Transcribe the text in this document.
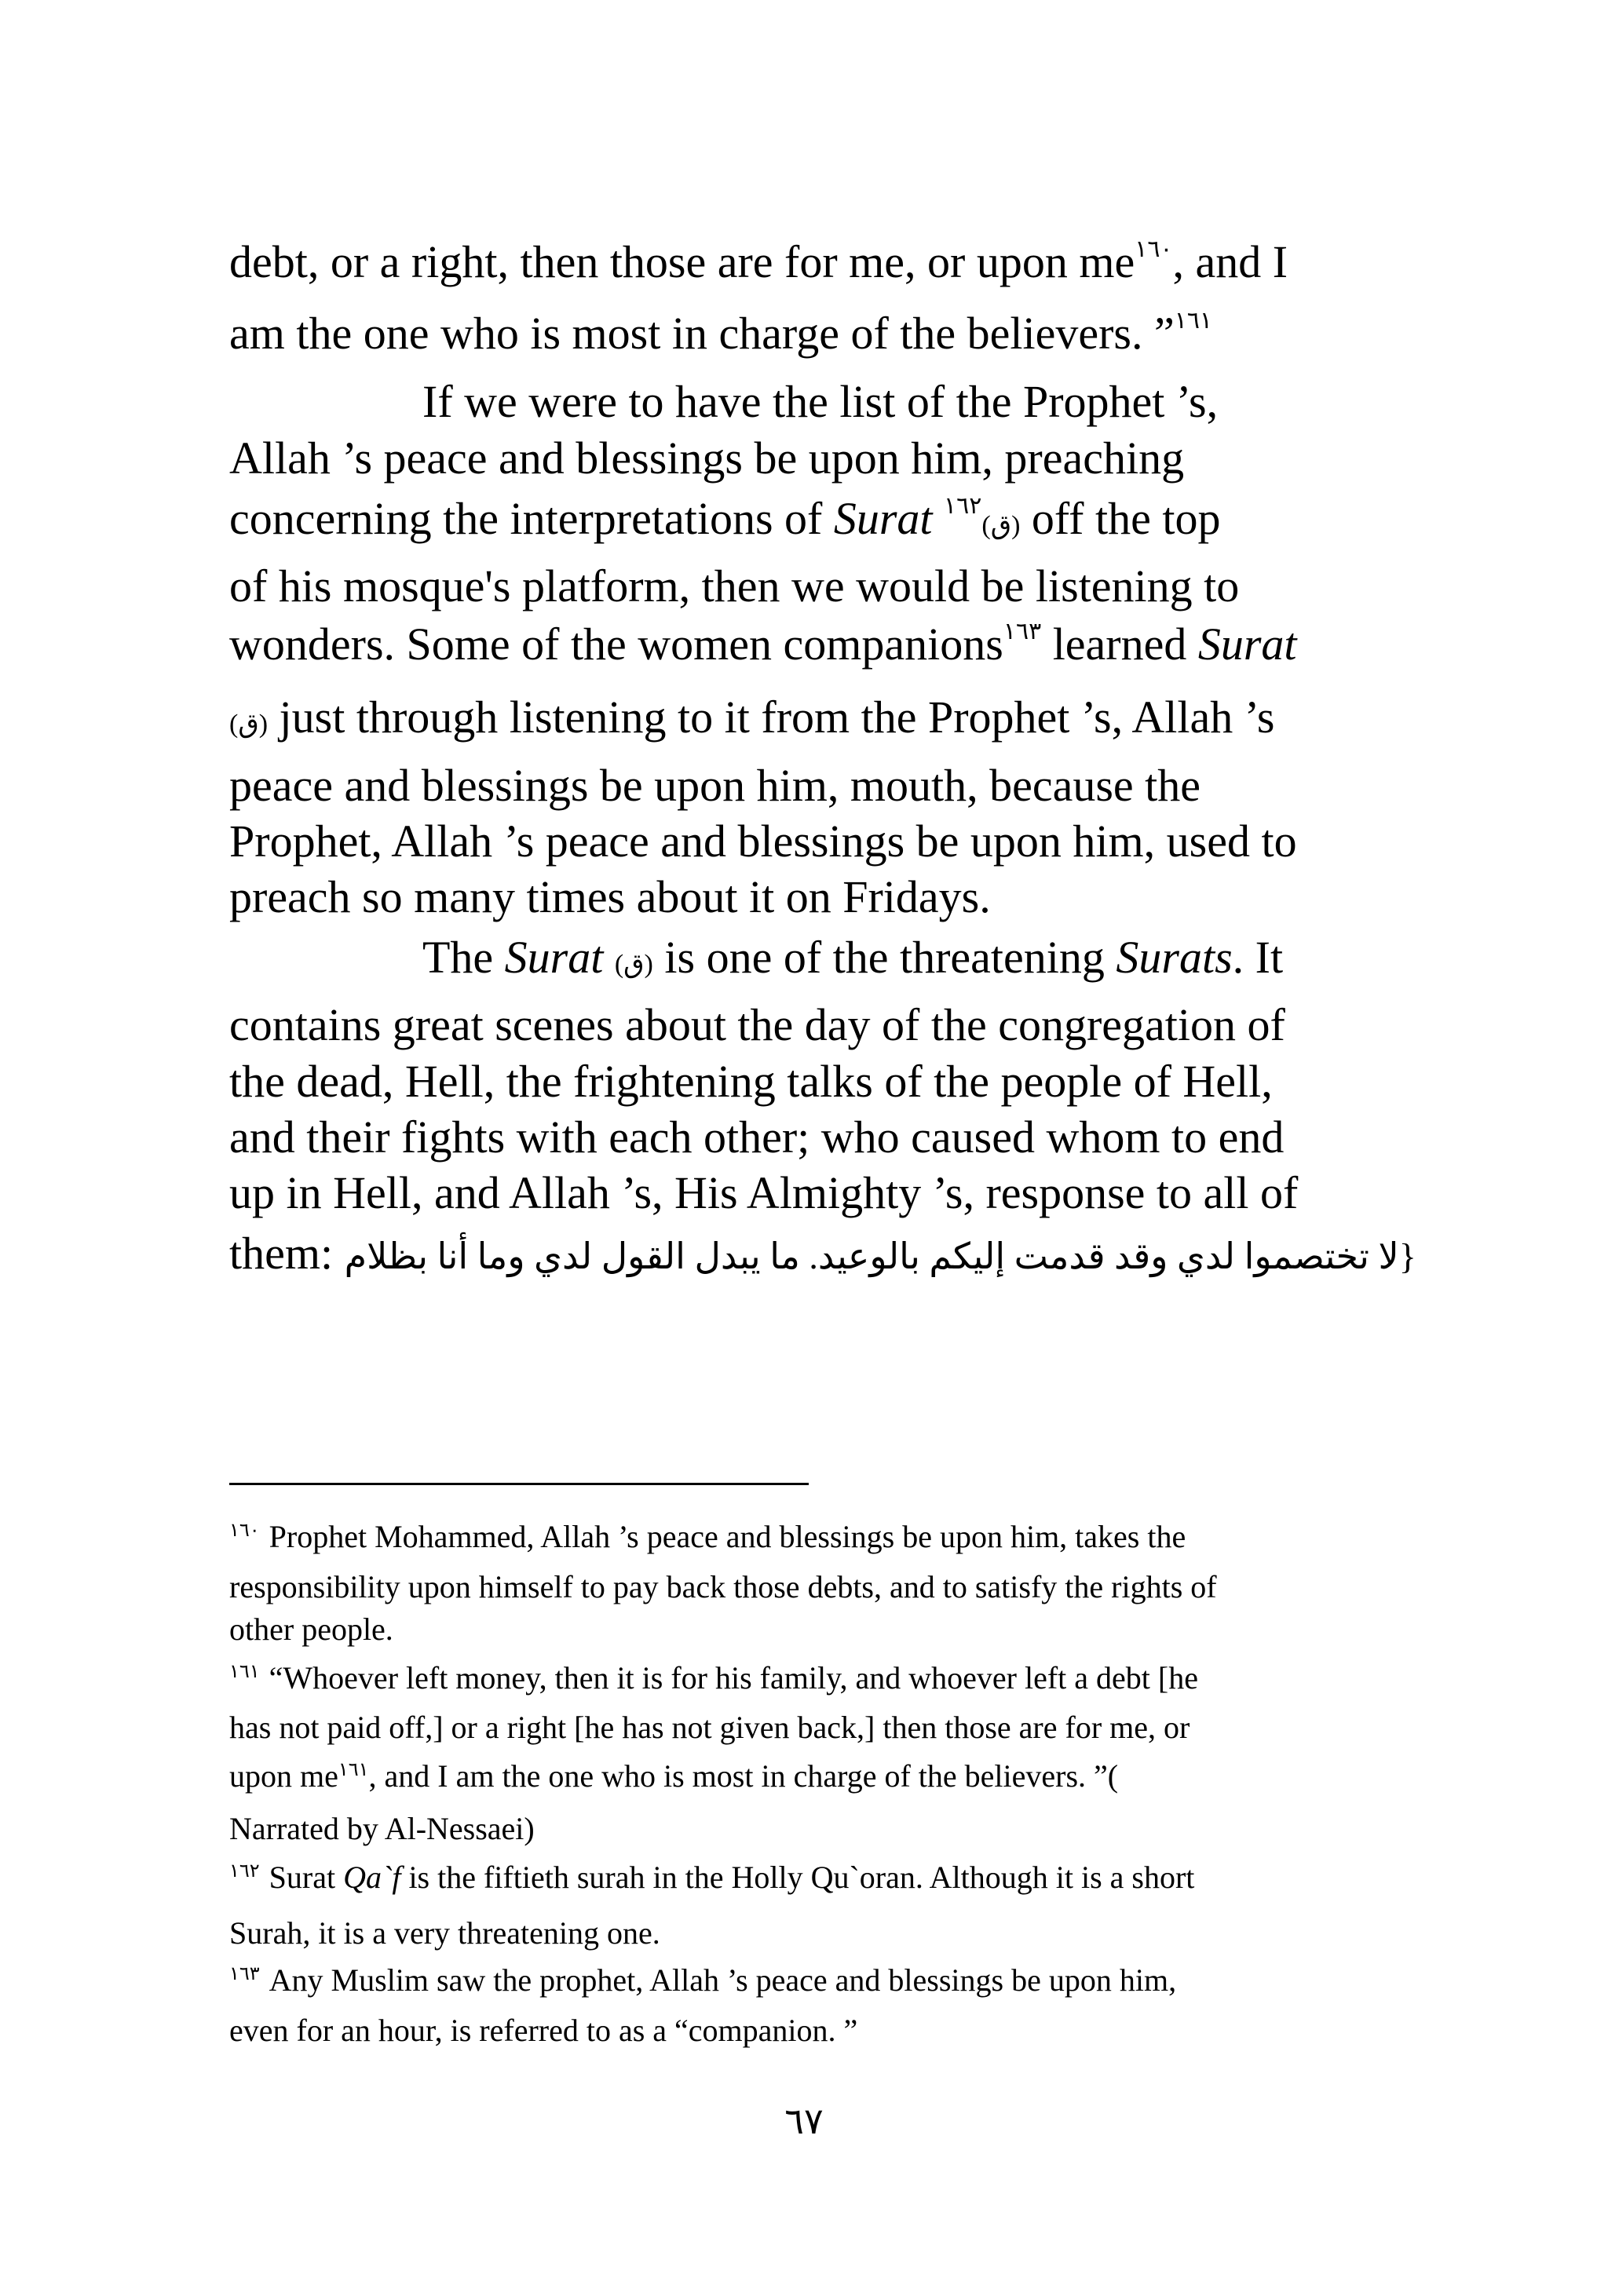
debt, or a right, then those are for me, or upon me$^{١٦٠}$, and I
am the one who is most in charge of the believers. ”$^{١٦١}$
If we were to have the list of the Prophet ’s,
Allah ’s peace and blessings be upon him, preaching
concerning the interpretations of Surat $^{١٦٢}$(ق) off the top
of his mosque's platform, then we would be listening to
wonders. Some of the women companions$^{١٦٣}$ learned Surat
(ق) just through listening to it from the Prophet ’s, Allah ’s
peace and blessings be upon him, mouth, because the
Prophet, Allah ’s peace and blessings be upon him, used to
preach so many times about it on Fridays.
The Surat (ق) is one of the threatening Surats. It
contains great scenes about the day of the congregation of
the dead, Hell, the frightening talks of the people of Hell,
and their fights with each other; who caused whom to end
up in Hell, and Allah ’s, His Almighty ’s, response to all of
them: {لا تختصموا لدي وقد قدمت إليكم بالوعيد. ما يبدل القول لدي وما أنا بظلام
$^{١٦٠}$ Prophet Mohammed, Allah ’s peace and blessings be upon him, takes the
responsibility upon himself to pay back those debts, and to satisfy the rights of
other people.
$^{١٦١}$ “Whoever left money, then it is for his family, and whoever left a debt [he
has not paid off,] or a right [he has not given back,] then those are for me, or
upon me$^{١٦١}$, and I am the one who is most in charge of the believers. ”(
Narrated by Al-Nessaei)
$^{١٦٢}$ Surat Qa`f is the fiftieth surah in the Holly Qu`oran. Although it is a short
Surah, it is a very threatening one.
$^{١٦٣}$ Any Muslim saw the prophet, Allah ’s peace and blessings be upon him,
even for an hour, is referred to as a “companion. ”
٦٧
